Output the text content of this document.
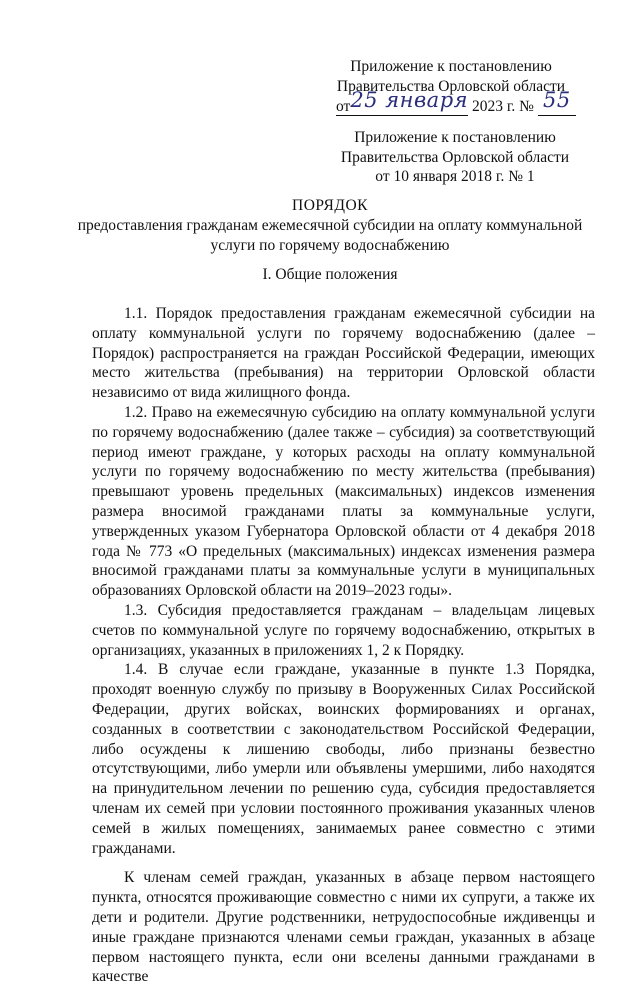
Приложение к постановлению
Правительства Орловской области
от25 января 2023 г. № 55
Приложение к постановлению
Правительства Орловской области
от 10 января 2018 г. № 1
ПОРЯДОК
предоставления гражданам ежемесячной субсидии на оплату коммунальной
услуги по горячему водоснабжению
I. Общие положения

1.1. Порядок предоставления гражданам ежемесячной субсидии на оплату коммунальной услуги по горячему водоснабжению (далее – Порядок) распространяется на граждан Российской Федерации, имеющих место жительства (пребывания) на территории Орловской области независимо от вида жилищного фонда.

1.2. Право на ежемесячную субсидию на оплату коммунальной услуги по горячему водоснабжению (далее также – субсидия) за соответствующий период имеют граждане, у которых расходы на оплату коммунальной услуги по горячему водоснабжению по месту жительства (пребывания) превышают уровень предельных (максимальных) индексов изменения размера вносимой гражданами платы за коммунальные услуги, утвержденных указом Губернатора Орловской области от 4 декабря 2018 года № 773 «О предельных (максимальных) индексах изменения размера вносимой гражданами платы за коммунальные услуги в муниципальных образованиях Орловской области на 2019–2023 годы».

1.3. Субсидия предоставляется гражданам – владельцам лицевых счетов по коммунальной услуге по горячему водоснабжению, открытых в организациях, указанных в приложениях 1, 2 к Порядку.

1.4. В случае если граждане, указанные в пункте 1.3 Порядка, проходят военную службу по призыву в Вооруженных Силах Российской Федерации, других войсках, воинских формированиях и органах, созданных в соответствии с законодательством Российской Федерации, либо осуждены к лишению свободы, либо признаны безвестно отсутствующими, либо умерли или объявлены умершими, либо находятся на принудительном лечении по решению суда, субсидия предоставляется членам их семей при условии постоянного проживания указанных членов семей в жилых помещениях, занимаемых ранее совместно с этими гражданами.

К членам семей граждан, указанных в абзаце первом настоящего пункта, относятся проживающие совместно с ними их супруги, а также их дети и родители. Другие родственники, нетрудоспособные иждивенцы и иные граждане признаются членами семьи граждан, указанных в абзаце первом настоящего пункта, если они вселены данными гражданами в качестве
